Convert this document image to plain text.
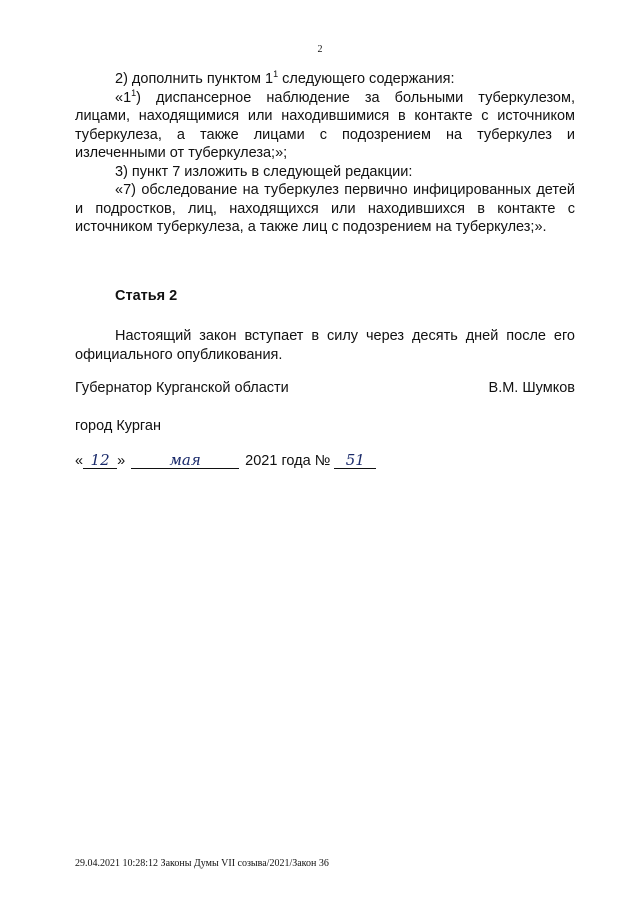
2

2) дополнить пунктом $1^1$ следующего содержания:

«$1^1$) диспансерное наблюдение за больными туберкулезом, лицами, находящимися или находившимися в контакте с источником туберкулеза, а также лицами с подозрением на туберкулез и излеченными от туберкулеза;»;

3) пункт 7 изложить в следующей редакции:

«7) обследование на туберкулез первично инфицированных детей и подростков, лиц, находящихся или находившихся в контакте с источником туберкулеза, а также лиц с подозрением на туберкулез;».

Статья 2

Настоящий закон вступает в силу через десять дней после его официального опубликования.

Губернатор Курганской области	В.М. Шумков
город Курган
« 12 »	мая	2021 года №	51
29.04.2021 10:28:12 Законы Думы VII созыва/2021/Закон 36
